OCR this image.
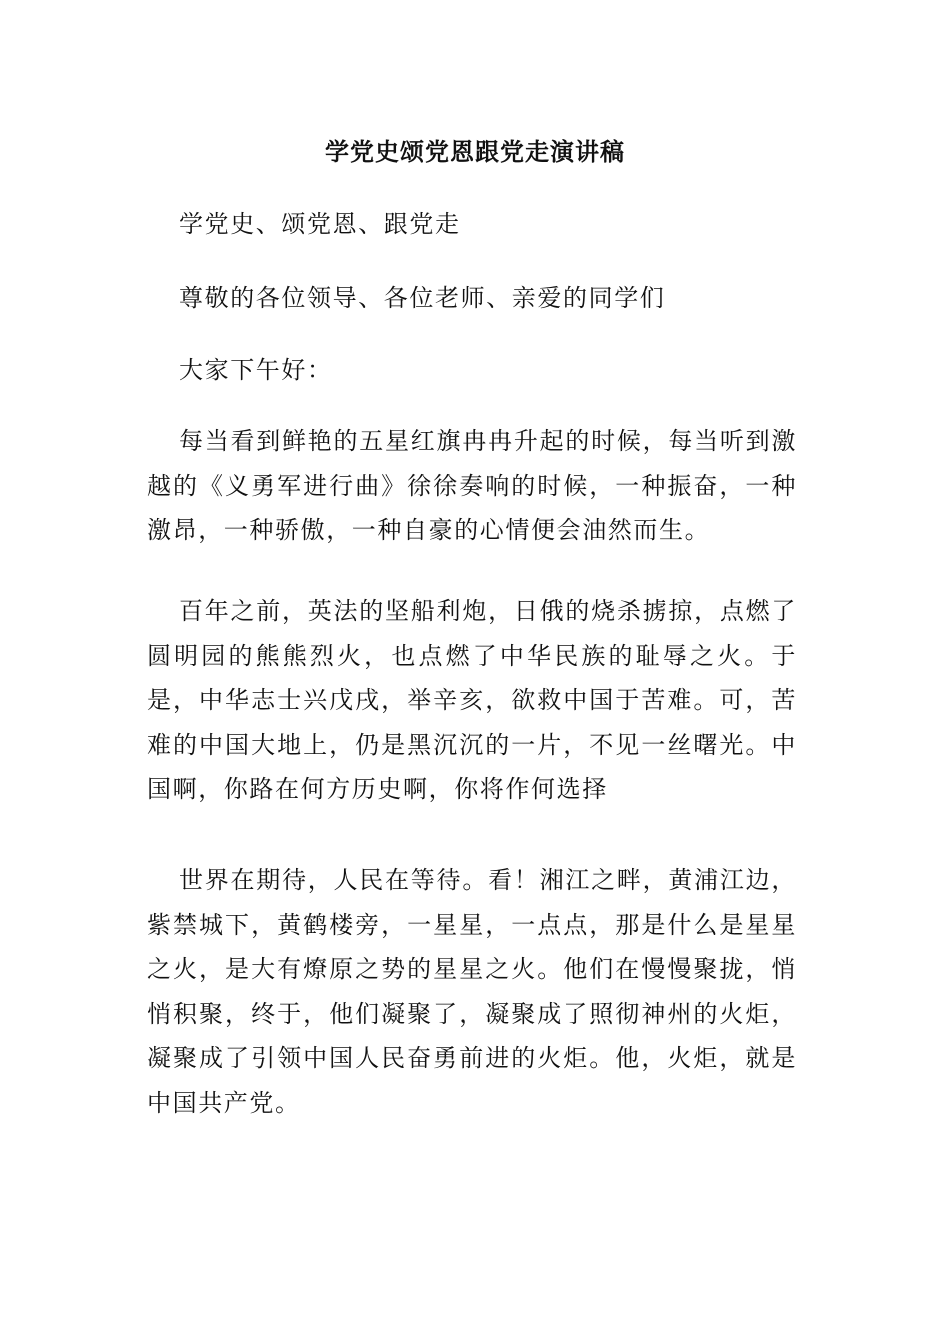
学党史颂党恩跟党走演讲稿

学党史、颂党恩、跟党走

尊敬的各位领导、各位老师、亲爱的同学们

大家下午好：

每当看到鲜艳的五星红旗冉冉升起的时候，每当听到激越的《义勇军进行曲》徐徐奏响的时候，一种振奋，一种激昂，一种骄傲，一种自豪的心情便会油然而生。

百年之前，英法的坚船利炮，日俄的烧杀掳掠，点燃了圆明园的熊熊烈火，也点燃了中华民族的耻辱之火。于是，中华志士兴戊戌，举辛亥，欲救中国于苦难。可，苦难的中国大地上，仍是黑沉沉的一片，不见一丝曙光。中国啊，你路在何方历史啊，你将作何选择

世界在期待，人民在等待。看！湘江之畔，黄浦江边，紫禁城下，黄鹤楼旁，一星星，一点点，那是什么是星星之火，是大有燎原之势的星星之火。他们在慢慢聚拢，悄悄积聚，终于，他们凝聚了，凝聚成了照彻神州的火炬，凝聚成了引领中国人民奋勇前进的火炬。他，火炬，就是中国共产党。
